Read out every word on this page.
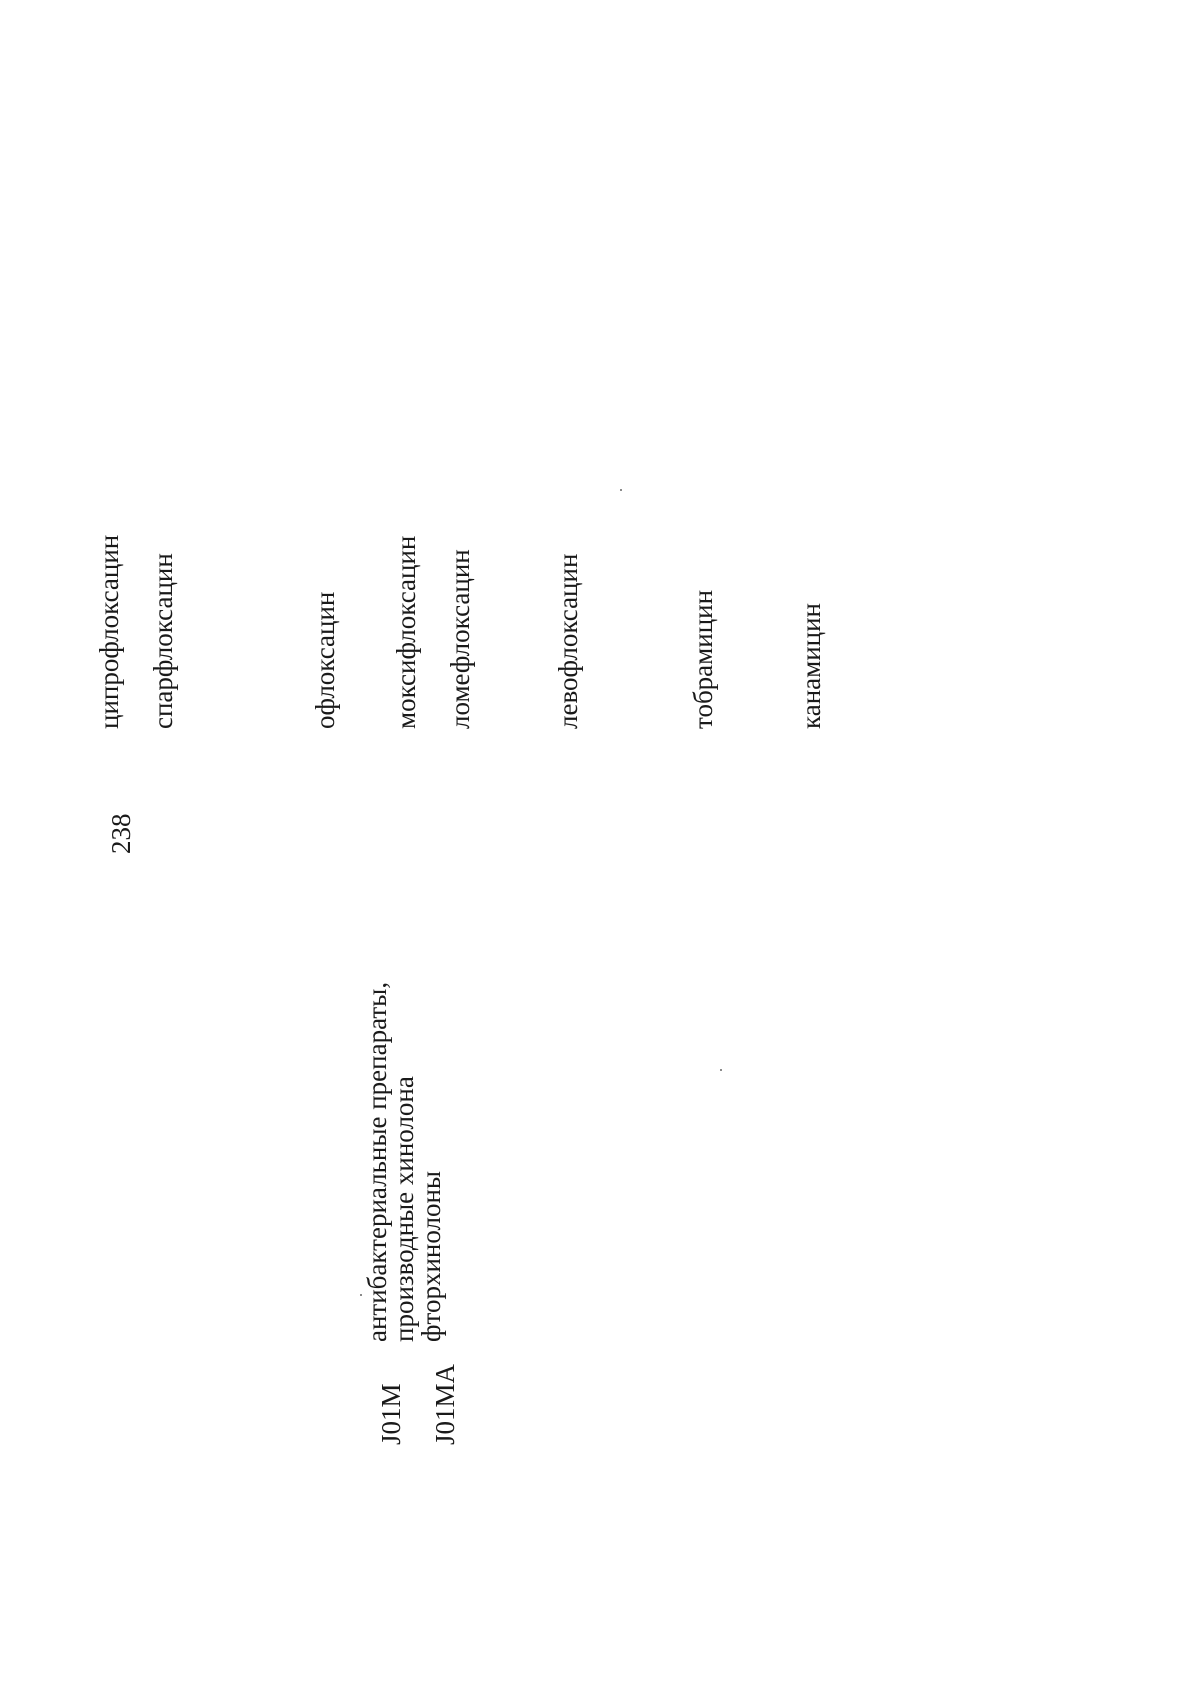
238
J01M J01MA
антибактериальные препараты,
производные хинолона
фторхинолоны
канамицин
тобрамицин
левофлоксацин
ломефлоксацин
моксифлоксацин
офлоксацин
спарфлоксацин
ципрофлоксацин
